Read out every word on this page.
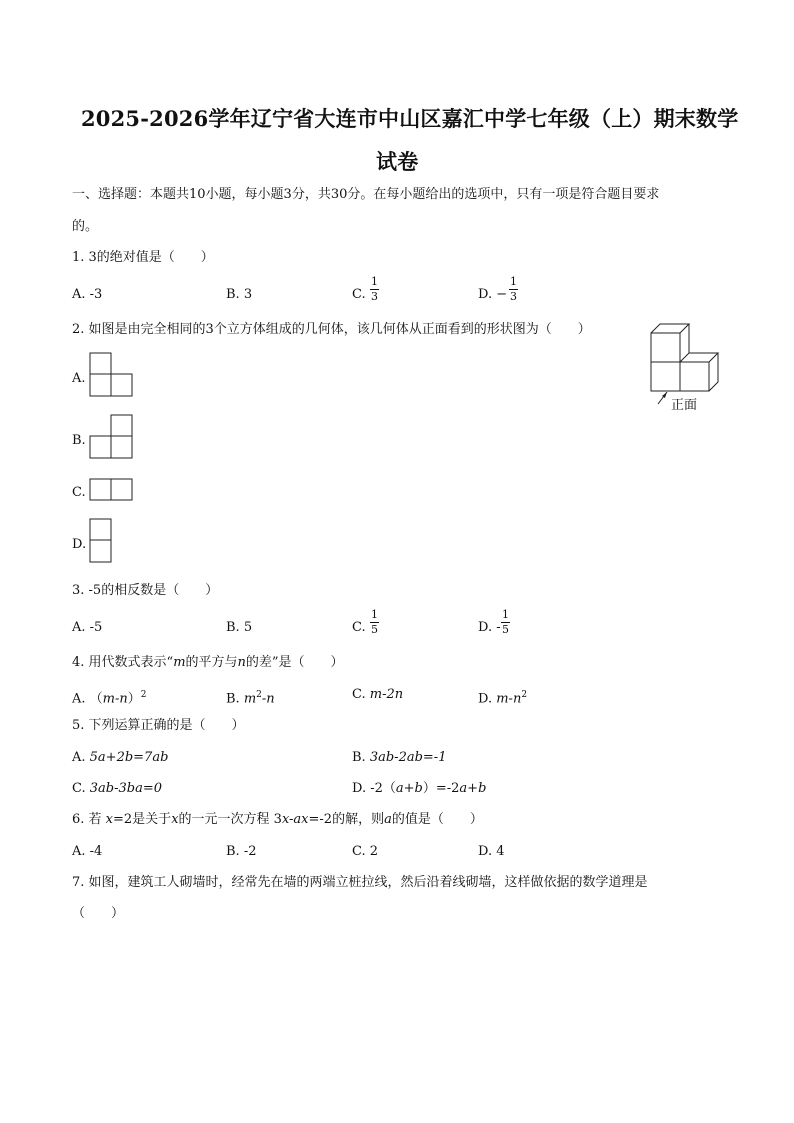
2025-2026学年辽宁省大连市中山区嘉汇中学七年级（上）期末数学
试卷
一、选择题：本题共10小题，每小题3分，共30分。在每小题给出的选项中，只有一项是符合题目要求
的。
1. 3的绝对值是（　　）
A. -3	B. 3	C.
1
3	D. −
1
3
2. 如图是由完全相同的3个立方体组成的几何体，该几何体从正面看到的形状图为（　　）
正面
A.
B.
C.
D.
3. -5的相反数是（　　）
A. -5	B. 5	C.
1
5	D. -
1
5
4. 用代数式表示“m的平方与n的差”是（　　）
A. $(m-n)^2$	B. $m^2-n$	C. m-2n	D. $m-n^2$
5. 下列运算正确的是（　　）
A. 5a+2b=7ab	B. 3ab-2ab=-1
C. 3ab-3ba=0	D. -2（a+b）=-2a+b
6. 若 x=2是关于x的一元一次方程 3x-ax=-2的解，则a的值是（　　）
A. -4	B. -2	C. 2	D. 4
7. 如图，建筑工人砌墙时，经常先在墙的两端立桩拉线，然后沿着线砌墙，这样做依据的数学道理是
（　　）
